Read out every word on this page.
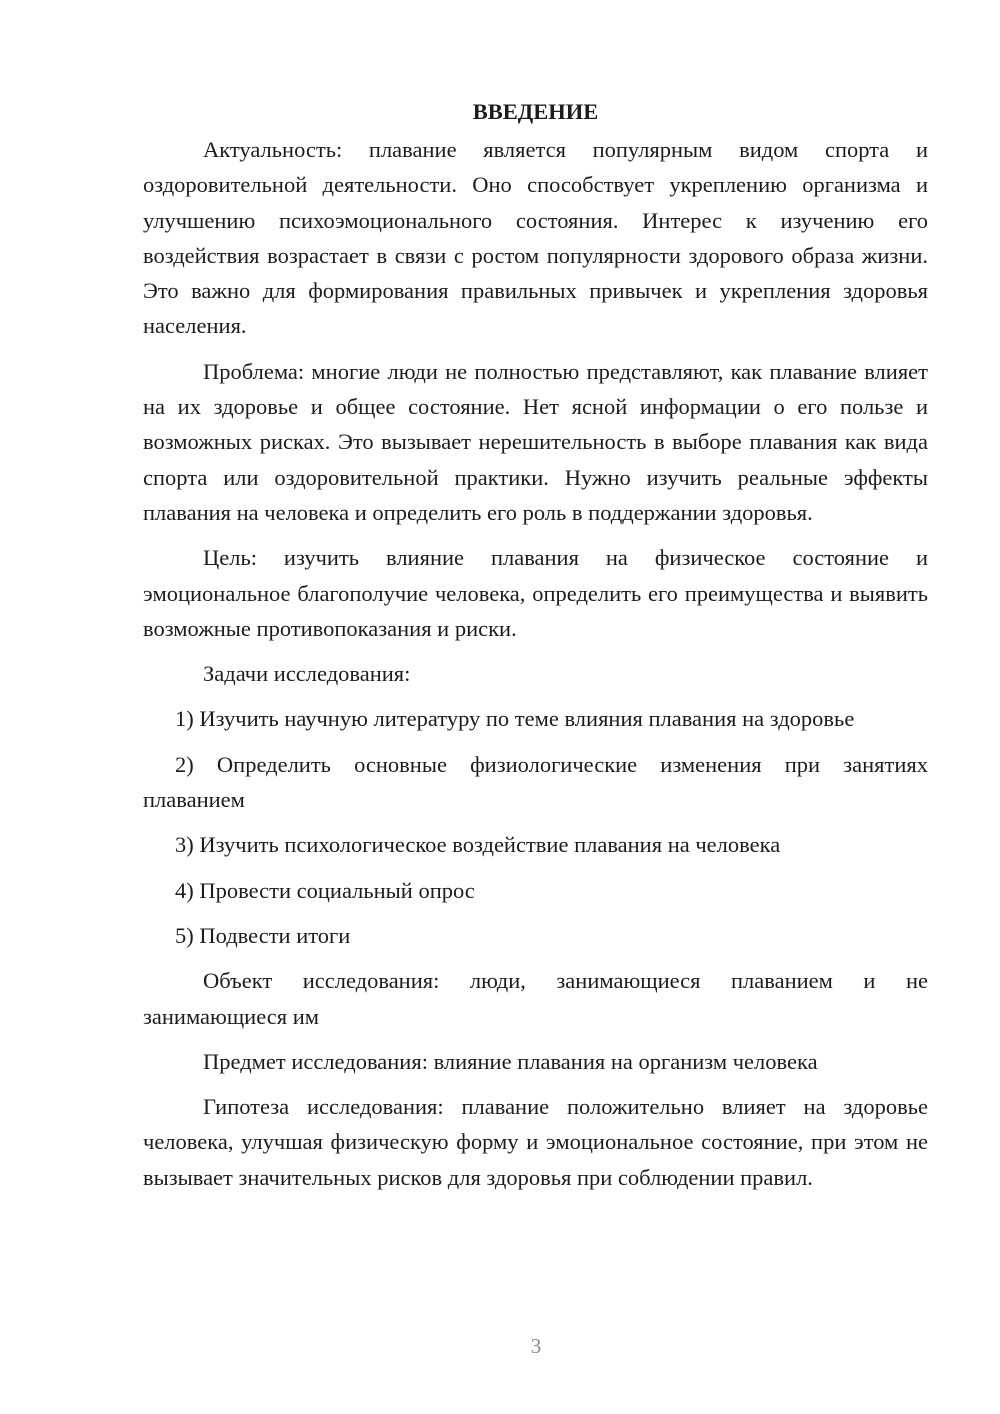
ВВЕДЕНИЕ

Актуальность: плавание является популярным видом спорта и оздоровительной деятельности. Оно способствует укреплению организма и улучшению психоэмоционального состояния. Интерес к изучению его воздействия возрастает в связи с ростом популярности здорового образа жизни. Это важно для формирования правильных привычек и укрепления здоровья населения.

Проблема: многие люди не полностью представляют, как плавание влияет на их здоровье и общее состояние. Нет ясной информации о его пользе и возможных рисках. Это вызывает нерешительность в выборе плавания как вида спорта или оздоровительной практики. Нужно изучить реальные эффекты плавания на человека и определить его роль в поддержании здоровья.

Цель: изучить влияние плавания на физическое состояние и эмоциональное благополучие человека, определить его преимущества и выявить возможные противопоказания и риски.

Задачи исследования:

1) Изучить научную литературу по теме влияния плавания на здоровье

2) Определить основные физиологические изменения при занятиях плаванием

3) Изучить психологическое воздействие плавания на человека

4) Провести социальный опрос

5) Подвести итоги

Объект исследования: люди, занимающиеся плаванием и не занимающиеся им

Предмет исследования: влияние плавания на организм человека

Гипотеза исследования: плавание положительно влияет на здоровье человека, улучшая физическую форму и эмоциональное состояние, при этом не вызывает значительных рисков для здоровья при соблюдении правил.

3
